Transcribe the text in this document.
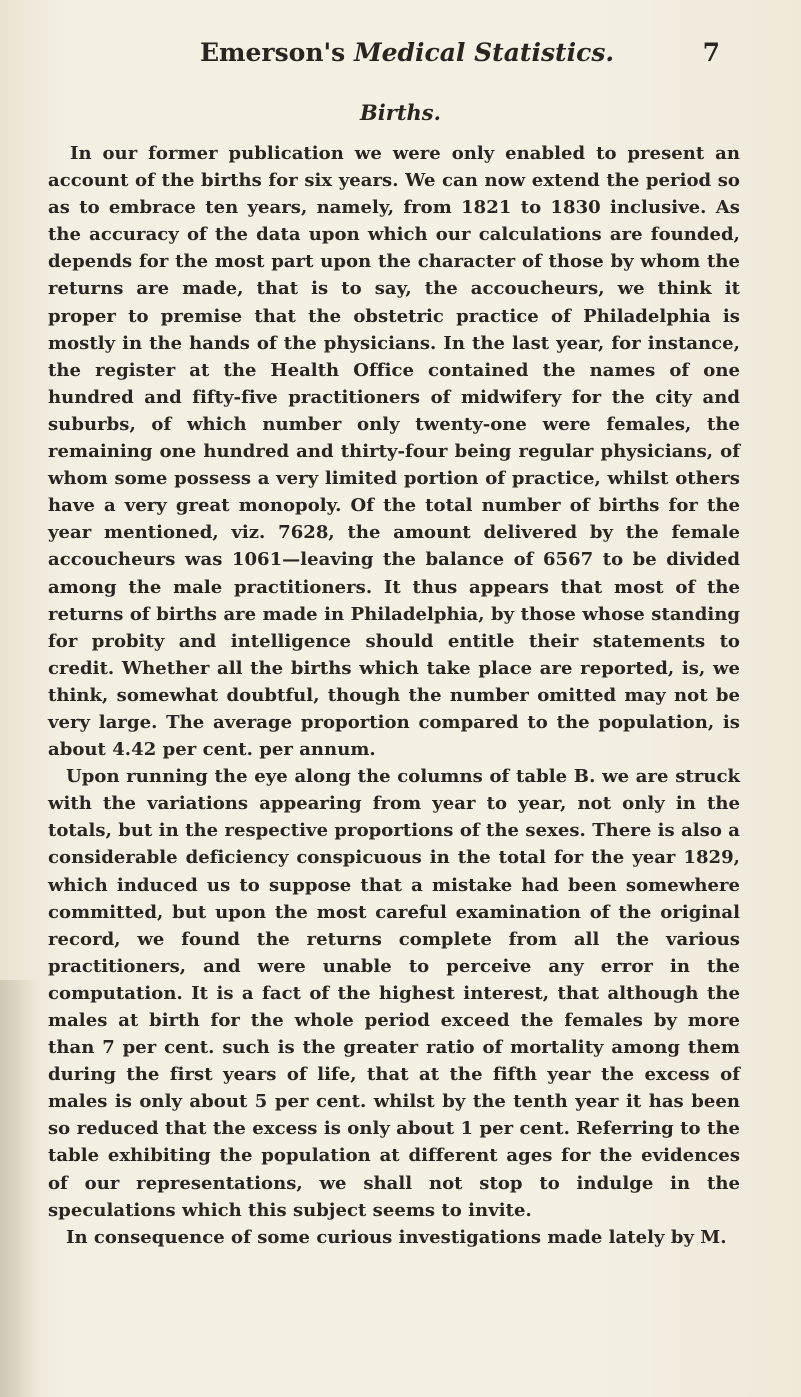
Emerson's Medical Statistics.	7
Births.

In our former publication we were only enabled to present an account of the births for six years. We can now extend the period so as to embrace ten years, namely, from 1821 to 1830 inclusive. As the accuracy of the data upon which our calculations are founded, depends for the most part upon the character of those by whom the returns are made, that is to say, the accoucheurs, we think it proper to premise that the obstetric practice of Philadelphia is mostly in the hands of the physicians. In the last year, for instance, the register at the Health Office contained the names of one hundred and fifty-five practitioners of midwifery for the city and suburbs, of which number only twenty-one were females, the remaining one hundred and thirty-four being regular physicians, of whom some possess a very limited portion of practice, whilst others have a very great monopoly. Of the total number of births for the year mentioned, viz. 7628, the amount delivered by the female accoucheurs was 1061—leaving the balance of 6567 to be divided among the male practitioners. It thus appears that most of the returns of births are made in Philadelphia, by those whose standing for probity and intelligence should entitle their statements to credit. Whether all the births which take place are reported, is, we think, somewhat doubtful, though the number omitted may not be very large. The average proportion compared to the population, is about 4.42 per cent. per annum.

Upon running the eye along the columns of table B. we are struck with the variations appearing from year to year, not only in the totals, but in the respective proportions of the sexes. There is also a considerable deficiency conspicuous in the total for the year 1829, which induced us to suppose that a mistake had been somewhere committed, but upon the most careful examination of the original record, we found the returns complete from all the various practitioners, and were unable to perceive any error in the computation. It is a fact of the highest interest, that although the males at birth for the whole period exceed the females by more than 7 per cent. such is the greater ratio of mortality among them during the first years of life, that at the fifth year the excess of males is only about 5 per cent. whilst by the tenth year it has been so reduced that the excess is only about 1 per cent. Referring to the table exhibiting the population at different ages for the evidences of our representations, we shall not stop to indulge in the speculations which this subject seems to invite.

In consequence of some curious investigations made lately by M.
